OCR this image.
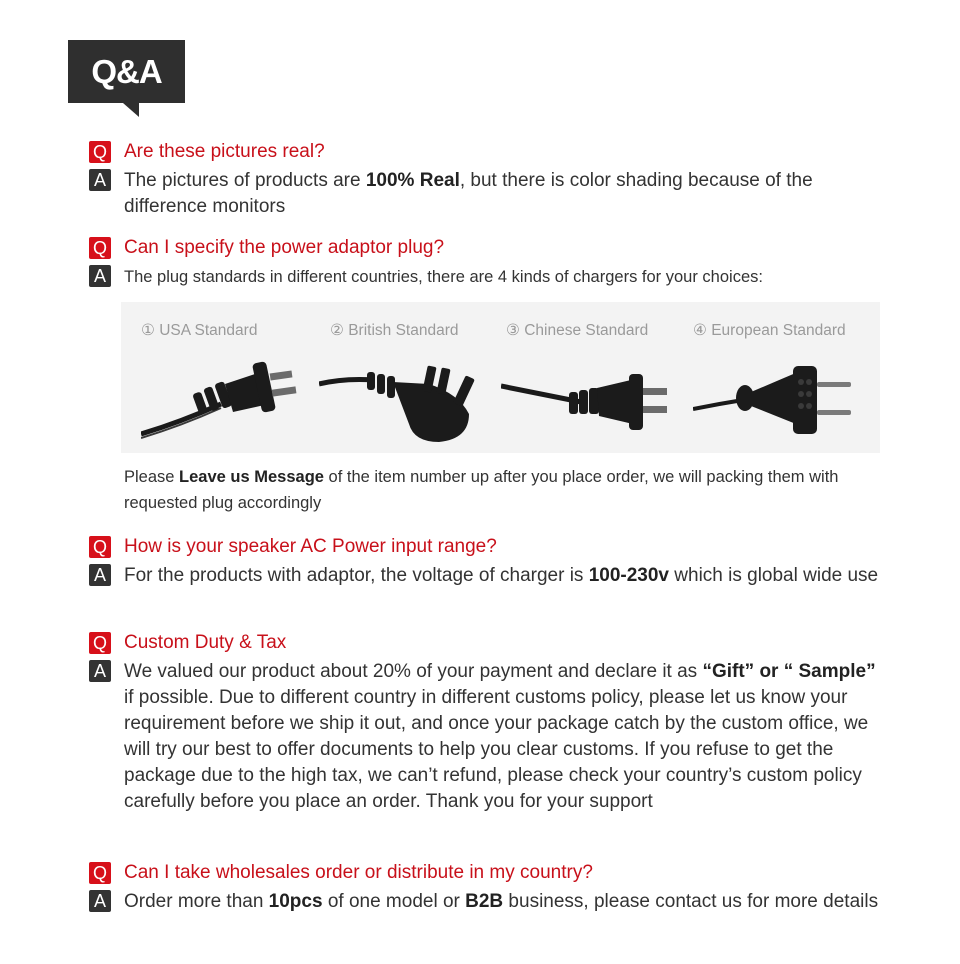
Q&A
Q Are these pictures real?
A The pictures of products are 100% Real, but there is color shading because of the difference monitors
Q Can I specify the power adaptor plug?
A	The plug standards in different countries, there are 4 kinds of chargers for your choices:
① USA Standard	② British Standard	③ Chinese Standard	④ European Standard
Please Leave us Message of the item number up after you place order, we will packing them with requested plug accordingly
Q How is your speaker AC Power input range?
A For the products with adaptor, the voltage of charger is 100-230v which is global wide use
Q Custom Duty & Tax
A We valued our product about 20% of your payment and declare it as “Gift” or “ Sample” if possible. Due to different country in different customs policy, please let us know your requirement before we ship it out, and once your package catch by the custom office, we will try our best to offer documents to help you clear customs. If you refuse to get the package due to the high tax, we can’t refund, please check your country’s custom policy carefully before you place an order. Thank you for your support
Q Can I take wholesales order or distribute in my country?
A Order more than 10pcs of one model or B2B business, please contact us for more details
